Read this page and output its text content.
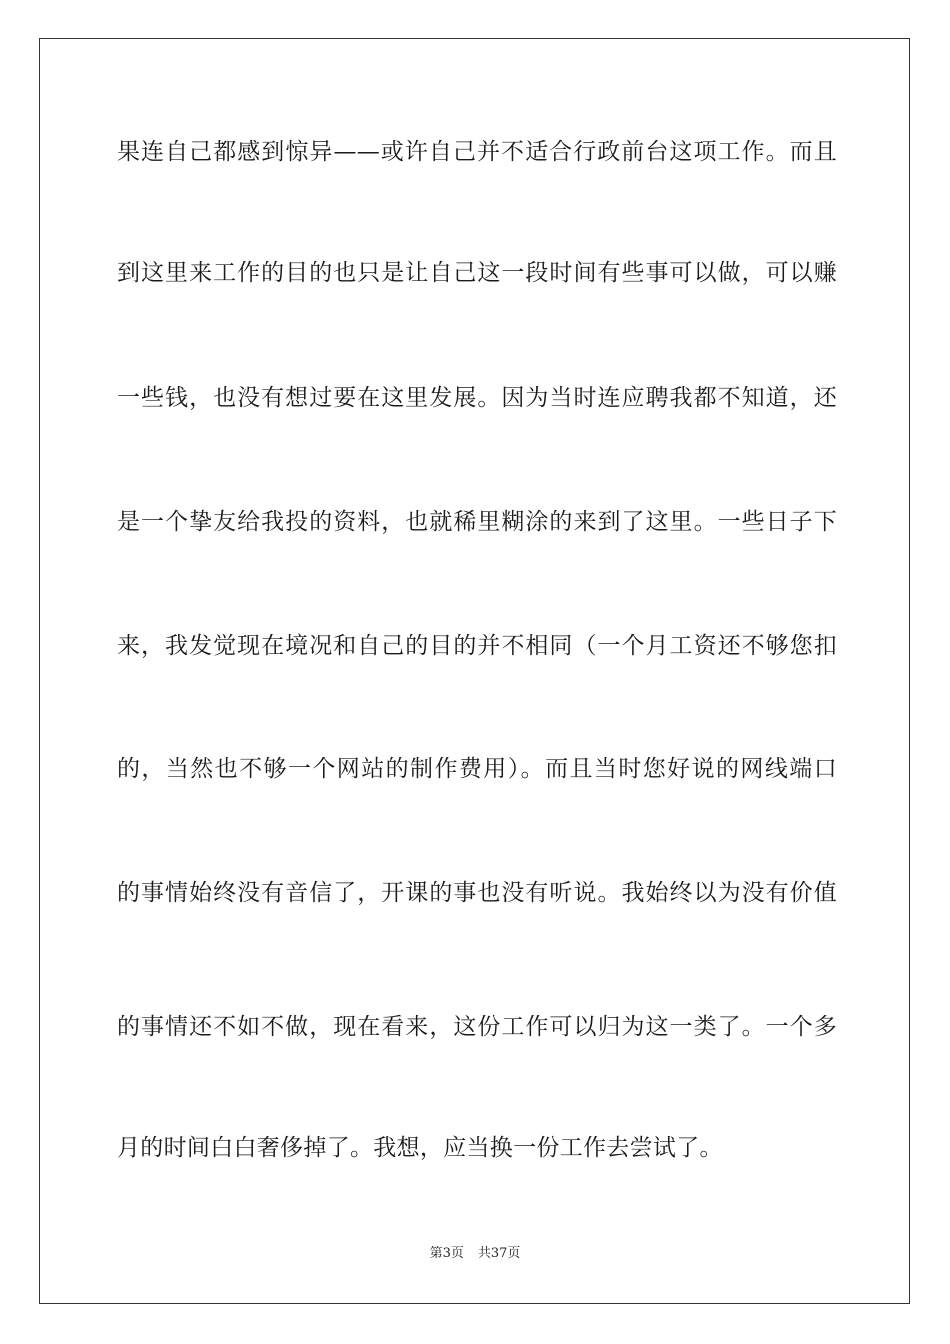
果连自己都感到惊异——或许自己并不适合行政前台这项工作。而且
到这里来工作的目的也只是让自己这一段时间有些事可以做，可以赚
一些钱，也没有想过要在这里发展。因为当时连应聘我都不知道，还
是一个挚友给我投的资料，也就稀里糊涂的来到了这里。一些日子下
来，我发觉现在境况和自己的目的并不相同（一个月工资还不够您扣
的，当然也不够一个网站的制作费用）。而且当时您好说的网线端口
的事情始终没有音信了，开课的事也没有听说。我始终以为没有价值
的事情还不如不做，现在看来，这份工作可以归为这一类了。一个多
月的时间白白奢侈掉了。我想，应当换一份工作去尝试了。
第3页 共37页
